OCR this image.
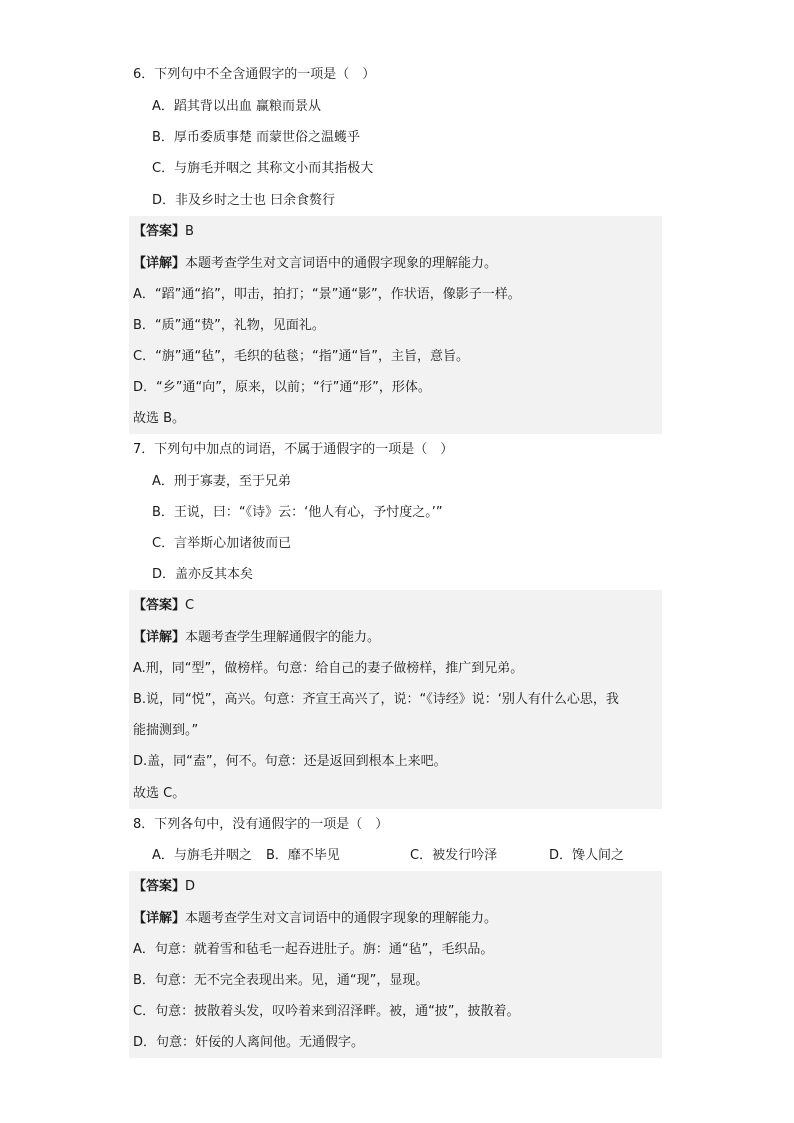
6．下列句中不全含通假字的一项是（　）
A．蹈其背以出血 赢粮而景从
B．厚币委质事楚 而蒙世俗之温蠖乎
C．与旃毛并咽之 其称文小而其指极大
D．非及乡时之士也 曰余食赘行
【答案】B
【详解】本题考查学生对文言词语中的通假字现象的理解能力。
A．“蹈”通“掐”，叩击，拍打；“景”通“影”，作状语，像影子一样。
B．“质”通“贽”，礼物，见面礼。
C．“旃”通“毡”，毛织的毡毯；“指”通“旨”，主旨，意旨。
D．“乡”通“向”，原来，以前；“行”通“形”，形体。
故选 B。
7．下列句中加点的词语，不属于通假字的一项是（　）
A．刑于寡妻，至于兄弟
B．王说，曰：“《诗》云：‘他人有心，予忖度之。’”
C．言举斯心加诸彼而已
D．盖亦反其本矣
【答案】C
【详解】本题考查学生理解通假字的能力。
A.刑，同“型”，做榜样。句意：给自己的妻子做榜样，推广到兄弟。
B.说，同“悦”，高兴。句意：齐宣王高兴了，说：“《诗经》说：‘别人有什么心思，我
能揣测到。”
D.盖，同“盍”，何不。句意：还是返回到根本上来吧。
故选 C。
8．下列各句中，没有通假字的一项是（　）
A．与旃毛并咽之 B．靡不毕见	C．被发行吟泽	D．馋人间之
【答案】D
【详解】本题考查学生对文言词语中的通假字现象的理解能力。
A．句意：就着雪和毡毛一起吞进肚子。旃：通“毡”，毛织品。
B．句意：无不完全表现出来。见，通“现”，显现。
C．句意：披散着头发，叹吟着来到沼泽畔。被，通“披”，披散着。
D．句意：奸佞的人离间他。无通假字。
